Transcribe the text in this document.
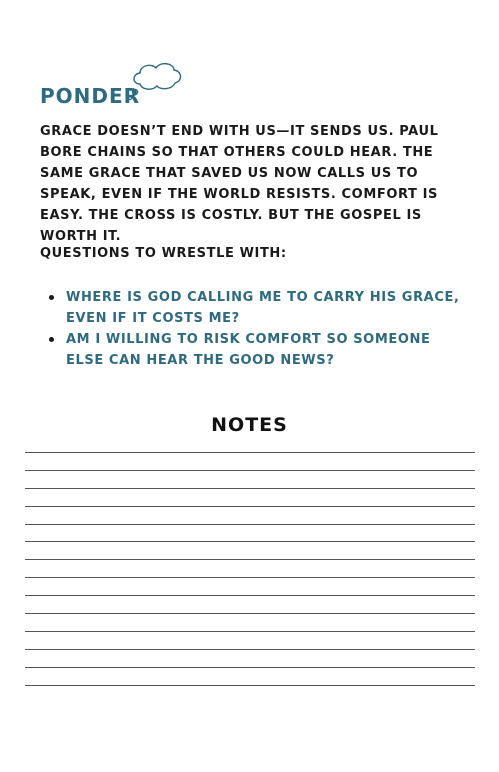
PONDER

GRACE DOESN’T END WITH US—IT SENDS US. PAUL BORE CHAINS SO THAT OTHERS COULD HEAR. THE SAME GRACE THAT SAVED US NOW CALLS US TO SPEAK, EVEN IF THE WORLD RESISTS. COMFORT IS EASY. THE CROSS IS COSTLY. BUT THE GOSPEL IS WORTH IT.

QUESTIONS TO WRESTLE WITH:

WHERE IS GOD CALLING ME TO CARRY HIS GRACE, EVEN IF IT COSTS ME?
AM I WILLING TO RISK COMFORT SO SOMEONE ELSE CAN HEAR THE GOOD NEWS?
NOTES
